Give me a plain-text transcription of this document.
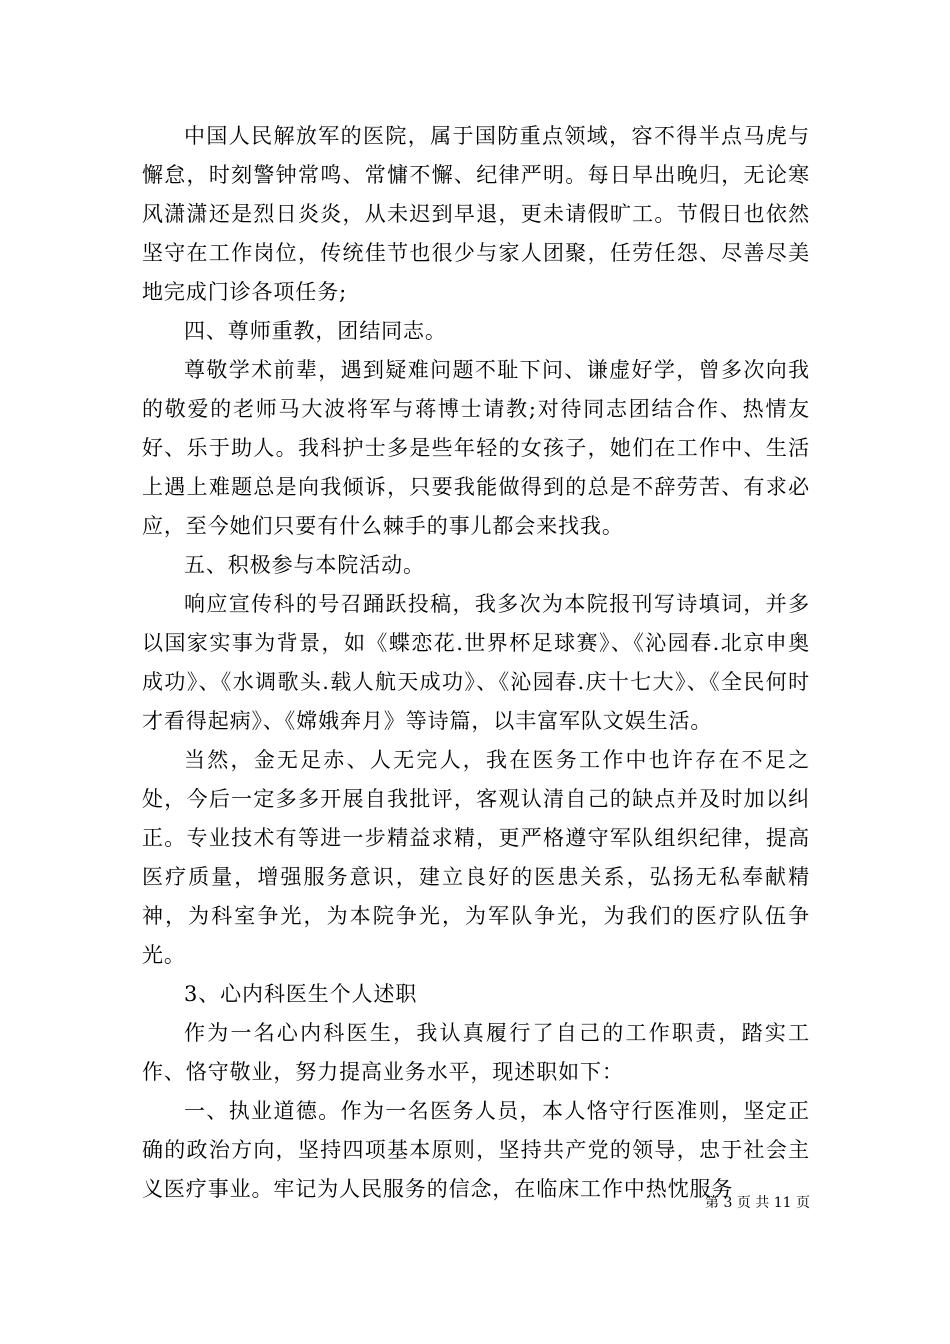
中国人民解放军的医院，属于国防重点领域，容不得半点马虎与懈怠，时刻警钟常鸣、常慵不懈、纪律严明。每日早出晚归，无论寒风潇潇还是烈日炎炎，从未迟到早退，更未请假旷工。节假日也依然坚守在工作岗位，传统佳节也很少与家人团聚，任劳任怨、尽善尽美地完成门诊各项任务;

四、尊师重教，团结同志。

尊敬学术前辈，遇到疑难问题不耻下问、谦虚好学，曾多次向我的敬爱的老师马大波将军与蒋博士请教;对待同志团结合作、热情友好、乐于助人。我科护士多是些年轻的女孩子，她们在工作中、生活上遇上难题总是向我倾诉，只要我能做得到的总是不辞劳苦、有求必应，至今她们只要有什么棘手的事儿都会来找我。

五、积极参与本院活动。

响应宣传科的号召踊跃投稿，我多次为本院报刊写诗填词，并多以国家实事为背景，如《蝶恋花.世界杯足球赛》、《沁园春.北京申奥成功》、《水调歌头.载人航天成功》、《沁园春.庆十七大》、《全民何时才看得起病》、《嫦娥奔月》等诗篇，以丰富军队文娱生活。

当然，金无足赤、人无完人，我在医务工作中也许存在不足之处，今后一定多多开展自我批评，客观认清自己的缺点并及时加以纠正。专业技术有等进一步精益求精，更严格遵守军队组织纪律，提高医疗质量，增强服务意识，建立良好的医患关系，弘扬无私奉献精神，为科室争光，为本院争光，为军队争光，为我们的医疗队伍争光。

3、心内科医生个人述职

作为一名心内科医生，我认真履行了自己的工作职责，踏实工作、恪守敬业，努力提高业务水平，现述职如下：

一、执业道德。作为一名医务人员，本人恪守行医准则，坚定正确的政治方向，坚持四项基本原则，坚持共产党的领导，忠于社会主义医疗事业。牢记为人民服务的信念，在临床工作中热忱服务

第 3 页 共 11 页
